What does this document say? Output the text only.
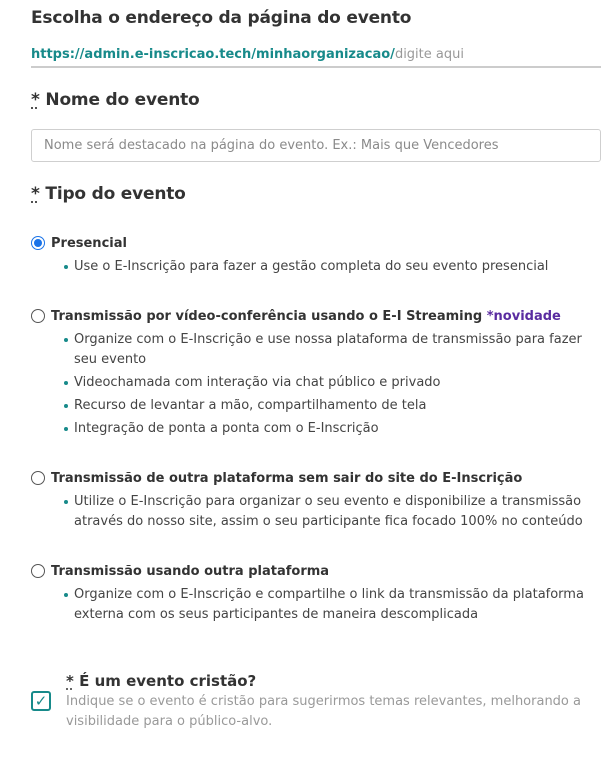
Escolha o endereço da página do evento
https://admin.e-inscricao.tech/minhaorganizacao/digite aqui
* Nome do evento
Nome será destacado na página do evento. Ex.: Mais que Vencedores
* Tipo do evento
Presencial
Use o E-Inscrição para fazer a gestão completa do seu evento presencial
Transmissão por vídeo-conferência usando o E-I Streaming *novidade
Organize com o E-Inscrição e use nossa plataforma de transmissão para fazer seu evento
Videochamada com interação via chat público e privado
Recurso de levantar a mão, compartilhamento de tela
Integração de ponta a ponta com o E-Inscrição
Transmissão de outra plataforma sem sair do site do E-Inscrição
Utilize o E-Inscrição para organizar o seu evento e disponibilize a transmissão através do nosso site, assim o seu participante fica focado 100% no conteúdo
Transmissão usando outra plataforma
Organize com o E-Inscrição e compartilhe o link da transmissão da plataforma externa com os seus participantes de maneira descomplicada
* É um evento cristão?
✓ Indique se o evento é cristão para sugerirmos temas relevantes, melhorando a visibilidade para o público-alvo.
